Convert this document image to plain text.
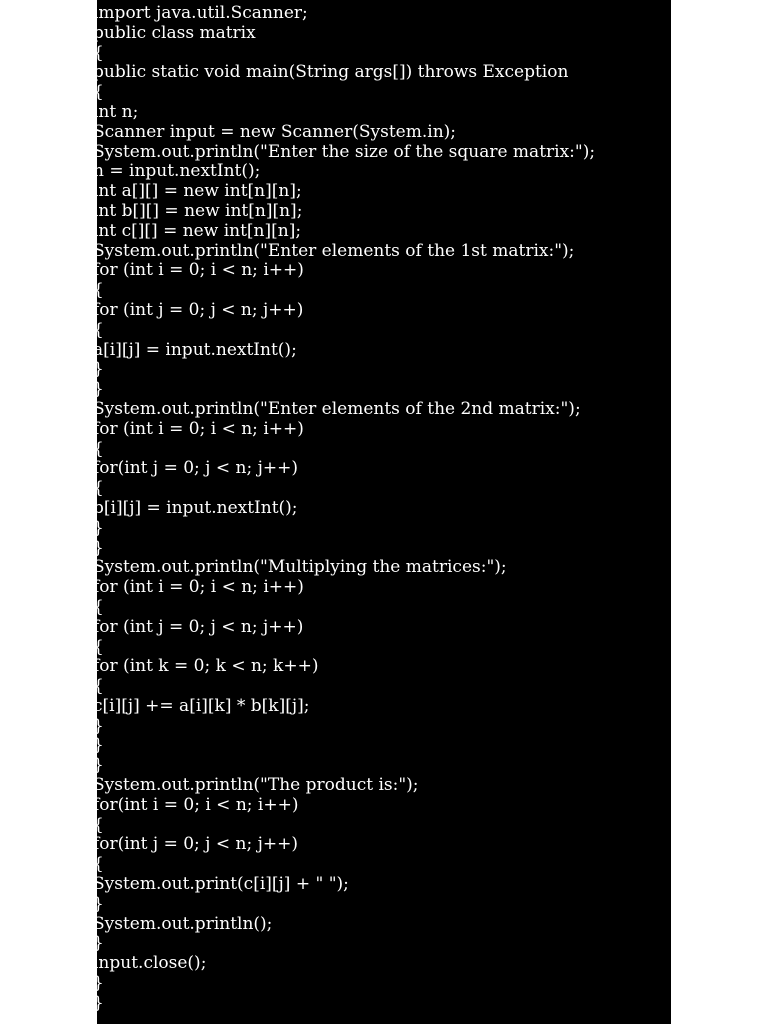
import java.util.Scanner;
public class matrix
{
public static void main(String args[]) throws Exception
{
int n;
Scanner input = new Scanner(System.in);
System.out.println("Enter the size of the square matrix:");
n = input.nextInt();
int a[][] = new int[n][n];
int b[][] = new int[n][n];
int c[][] = new int[n][n];
System.out.println("Enter elements of the 1st matrix:");
for (int i = 0; i < n; i++)
{
for (int j = 0; j < n; j++)
{
a[i][j] = input.nextInt();
}
}
System.out.println("Enter elements of the 2nd matrix:");
for (int i = 0; i < n; i++)
{
for(int j = 0; j < n; j++)
{
b[i][j] = input.nextInt();
}
}
System.out.println("Multiplying the matrices:");
for (int i = 0; i < n; i++)
{
for (int j = 0; j < n; j++)
{
for (int k = 0; k < n; k++)
{
c[i][j] += a[i][k] * b[k][j];
}
}
}
System.out.println("The product is:");
for(int i = 0; i < n; i++)
{
for(int j = 0; j < n; j++)
{
System.out.print(c[i][j] + " ");
}
System.out.println();
}
input.close();
}
}
